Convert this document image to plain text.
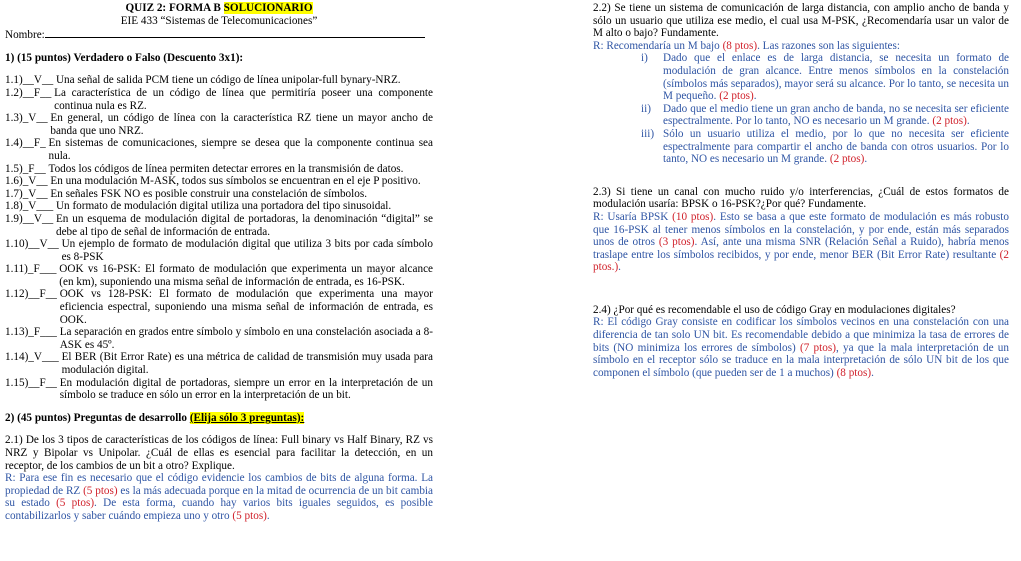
QUIZ 2: FORMA B SOLUCIONARIO
EIE 433 “Sistemas de Telecomunicaciones”
Nombre:
1) (15 puntos) Verdadero o Falso (Descuento 3x1):
1.1)__V__ Una señal de salida PCM tiene un código de línea unipolar-full bynary-NRZ.
1.2)__F__ La característica de un código de línea que permitiría poseer una componente continua nula es RZ.
1.3)_V__ En general, un código de línea con la característica RZ tiene un mayor ancho de banda que uno NRZ.
1.4)__F_ En sistemas de comunicaciones, siempre se desea que la componente continua sea nula.
1.5)_F__ Todos los códigos de línea permiten detectar errores en la transmisión de datos.
1.6)_V__ En una modulación M-ASK, todos sus símbolos se encuentran en el eje P positivo.
1.7)_V__ En señales FSK NO es posible construir una constelación de símbolos.
1.8)_V___ Un formato de modulación digital utiliza una portadora del tipo sinusoidal.
1.9)__V__ En un esquema de modulación digital de portadoras, la denominación “digital” se debe al tipo de señal de información de entrada.
1.10)__V__ Un ejemplo de formato de modulación digital que utiliza 3 bits por cada símbolo es 8-PSK
1.11)_F___ OOK vs 16-PSK: El formato de modulación que experimenta un mayor alcance (en km), suponiendo una misma señal de información de entrada, es 16-PSK.
1.12)__F__ OOK vs 128-PSK: El formato de modulación que experimenta una mayor eficiencia espectral, suponiendo una misma señal de información de entrada, es OOK.
1.13)_F___ La separación en grados entre símbolo y símbolo en una constelación asociada a 8-ASK es 45º.
1.14)_V___ El BER (Bit Error Rate) es una métrica de calidad de transmisión muy usada para modulación digital.
1.15)__F__ En modulación digital de portadoras, siempre un error en la interpretación de un símbolo se traduce en sólo un error en la interpretación de un bit.
2) (45 puntos) Preguntas de desarrollo (Elija sólo 3 preguntas):

2.1) De los 3 tipos de características de los códigos de línea: Full binary vs Half Binary, RZ vs NRZ y Bipolar vs Unipolar. ¿Cuál de ellas es esencial para facilitar la detección, en un receptor, de los cambios de un bit a otro? Explique.

R: Para ese fin es necesario que el código evidencie los cambios de bits de alguna forma. La propiedad de RZ (5 ptos) es la más adecuada porque en la mitad de ocurrencia de un bit cambia su estado (5 ptos). De esta forma, cuando hay varios bits iguales seguidos, es posible contabilizarlos y saber cuándo empieza uno y otro (5 ptos).

2.2) Se tiene un sistema de comunicación de larga distancia, con amplio ancho de banda y sólo un usuario que utiliza ese medio, el cual usa M-PSK, ¿Recomendaría usar un valor de M alto o bajo? Fundamente.

R: Recomendaría un M bajo (8 ptos). Las razones son las siguientes:

i)	Dado que el enlace es de larga distancia, se necesita un formato de modulación de gran alcance. Entre menos símbolos en la constelación (símbolos más separados), mayor será su alcance. Por lo tanto, se necesita un M pequeño. (2 ptos).
ii)	Dado que el medio tiene un gran ancho de banda, no se necesita ser eficiente espectralmente. Por lo tanto, NO es necesario un M grande. (2 ptos).
iii) Sólo un usuario utiliza el medio, por lo que no necesita ser eficiente espectralmente para compartir el ancho de banda con otros usuarios. Por lo tanto, NO es necesario un M grande. (2 ptos).

2.3) Si tiene un canal con mucho ruido y/o interferencias, ¿Cuál de estos formatos de modulación usaría: BPSK o 16-PSK?¿Por qué? Fundamente.

R: Usaría BPSK (10 ptos). Esto se basa a que este formato de modulación es más robusto que 16-PSK al tener menos símbolos en la constelación, y por ende, están más separados unos de otros (3 ptos). Así, ante una misma SNR (Relación Señal a Ruido), habría menos traslape entre los símbolos recibidos, y por ende, menor BER (Bit Error Rate) resultante (2 ptos.).

2.4) ¿Por qué es recomendable el uso de código Gray en modulaciones digitales?

R: El código Gray consiste en codificar los símbolos vecinos en una constelación con una diferencia de tan solo UN bit. Es recomendable debido a que minimiza la tasa de errores de bits (NO minimiza los errores de símbolos) (7 ptos), ya que la mala interpretación de un símbolo en el receptor sólo se traduce en la mala interpretación de sólo UN bit de los que componen el símbolo (que pueden ser de 1 a muchos) (8 ptos).
